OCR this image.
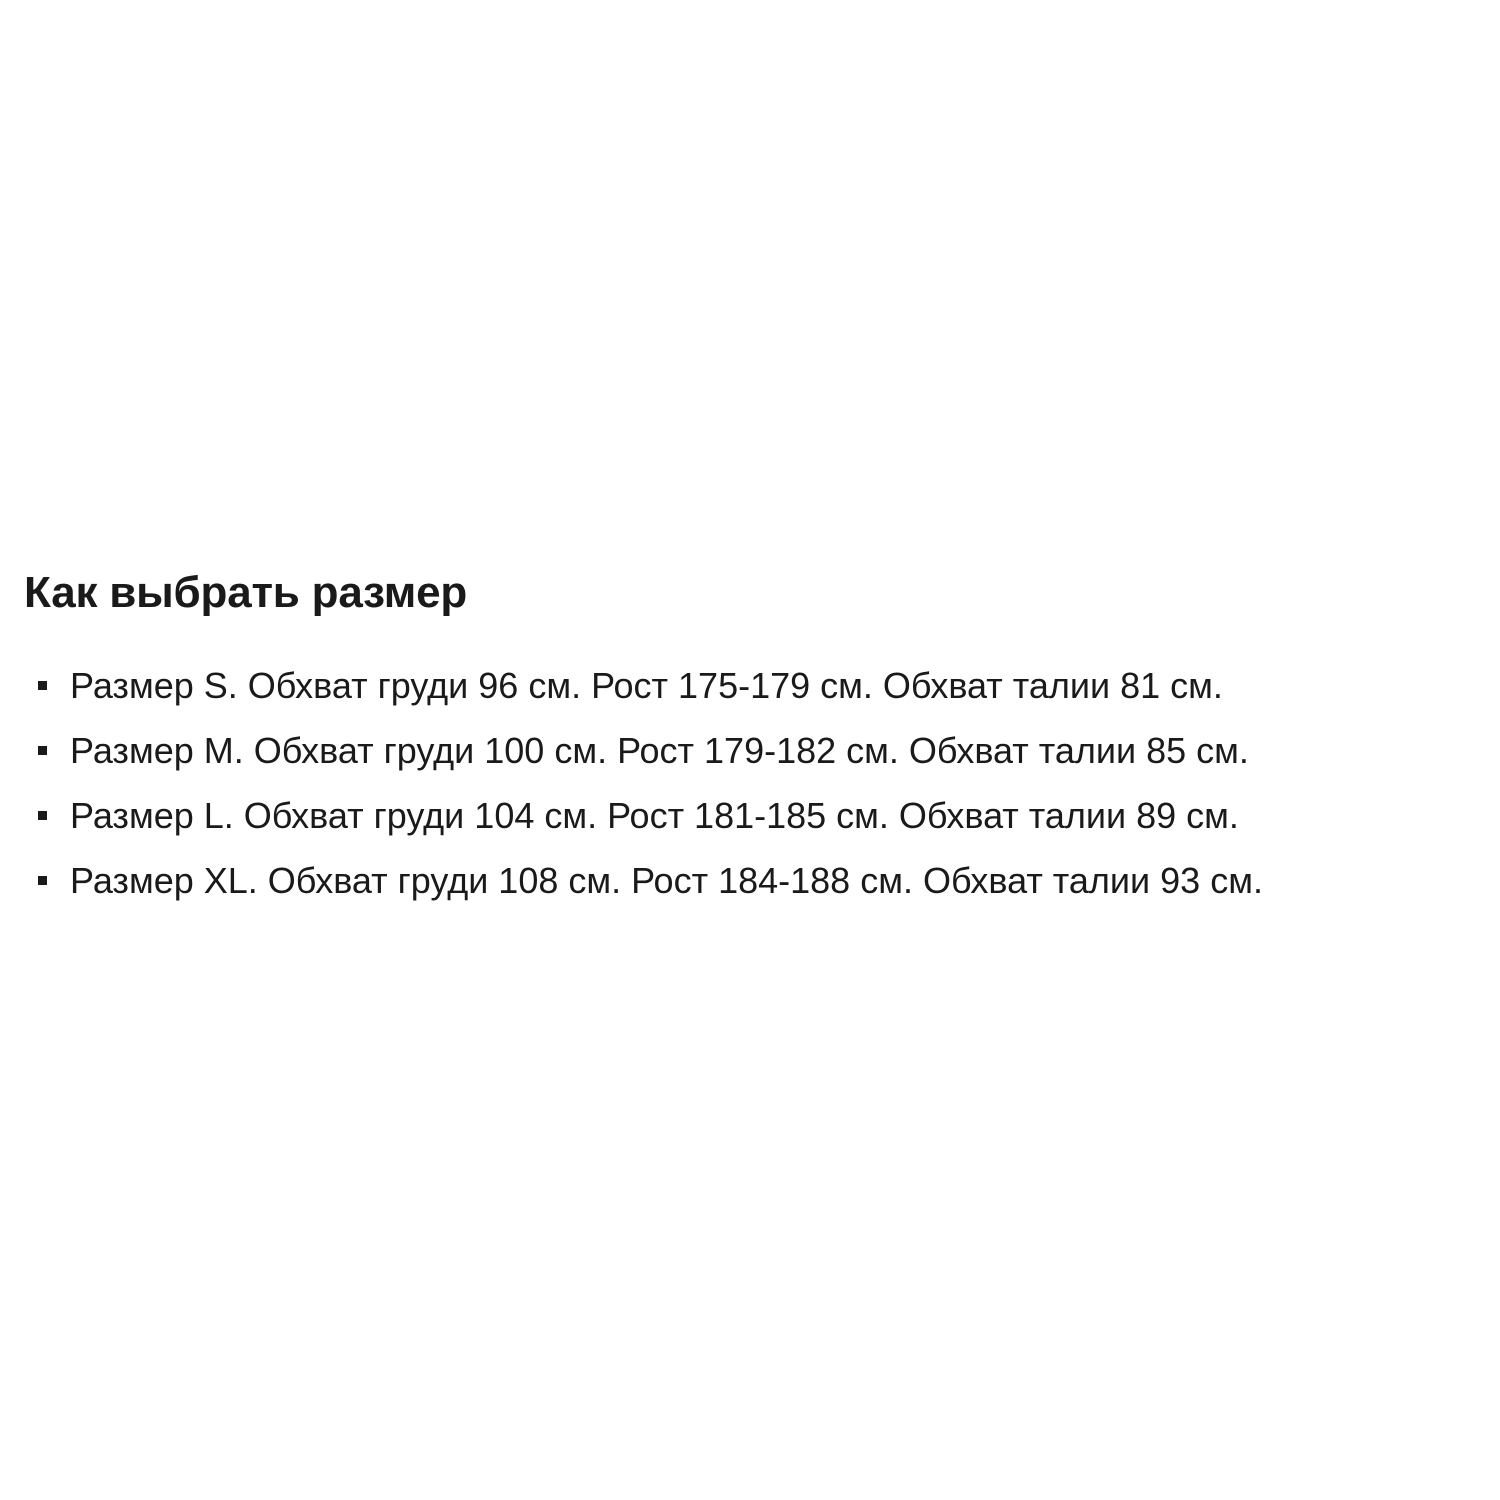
Как выбрать размер
Размер S. Обхват груди 96 см. Рост 175-179 см. Обхват талии 81 см.
Размер M. Обхват груди 100 см. Рост 179-182 см. Обхват талии 85 см.
Размер L. Обхват груди 104 см. Рост 181-185 см. Обхват талии 89 см.
Размер XL. Обхват груди 108 см. Рост 184-188 см. Обхват талии 93 см.
